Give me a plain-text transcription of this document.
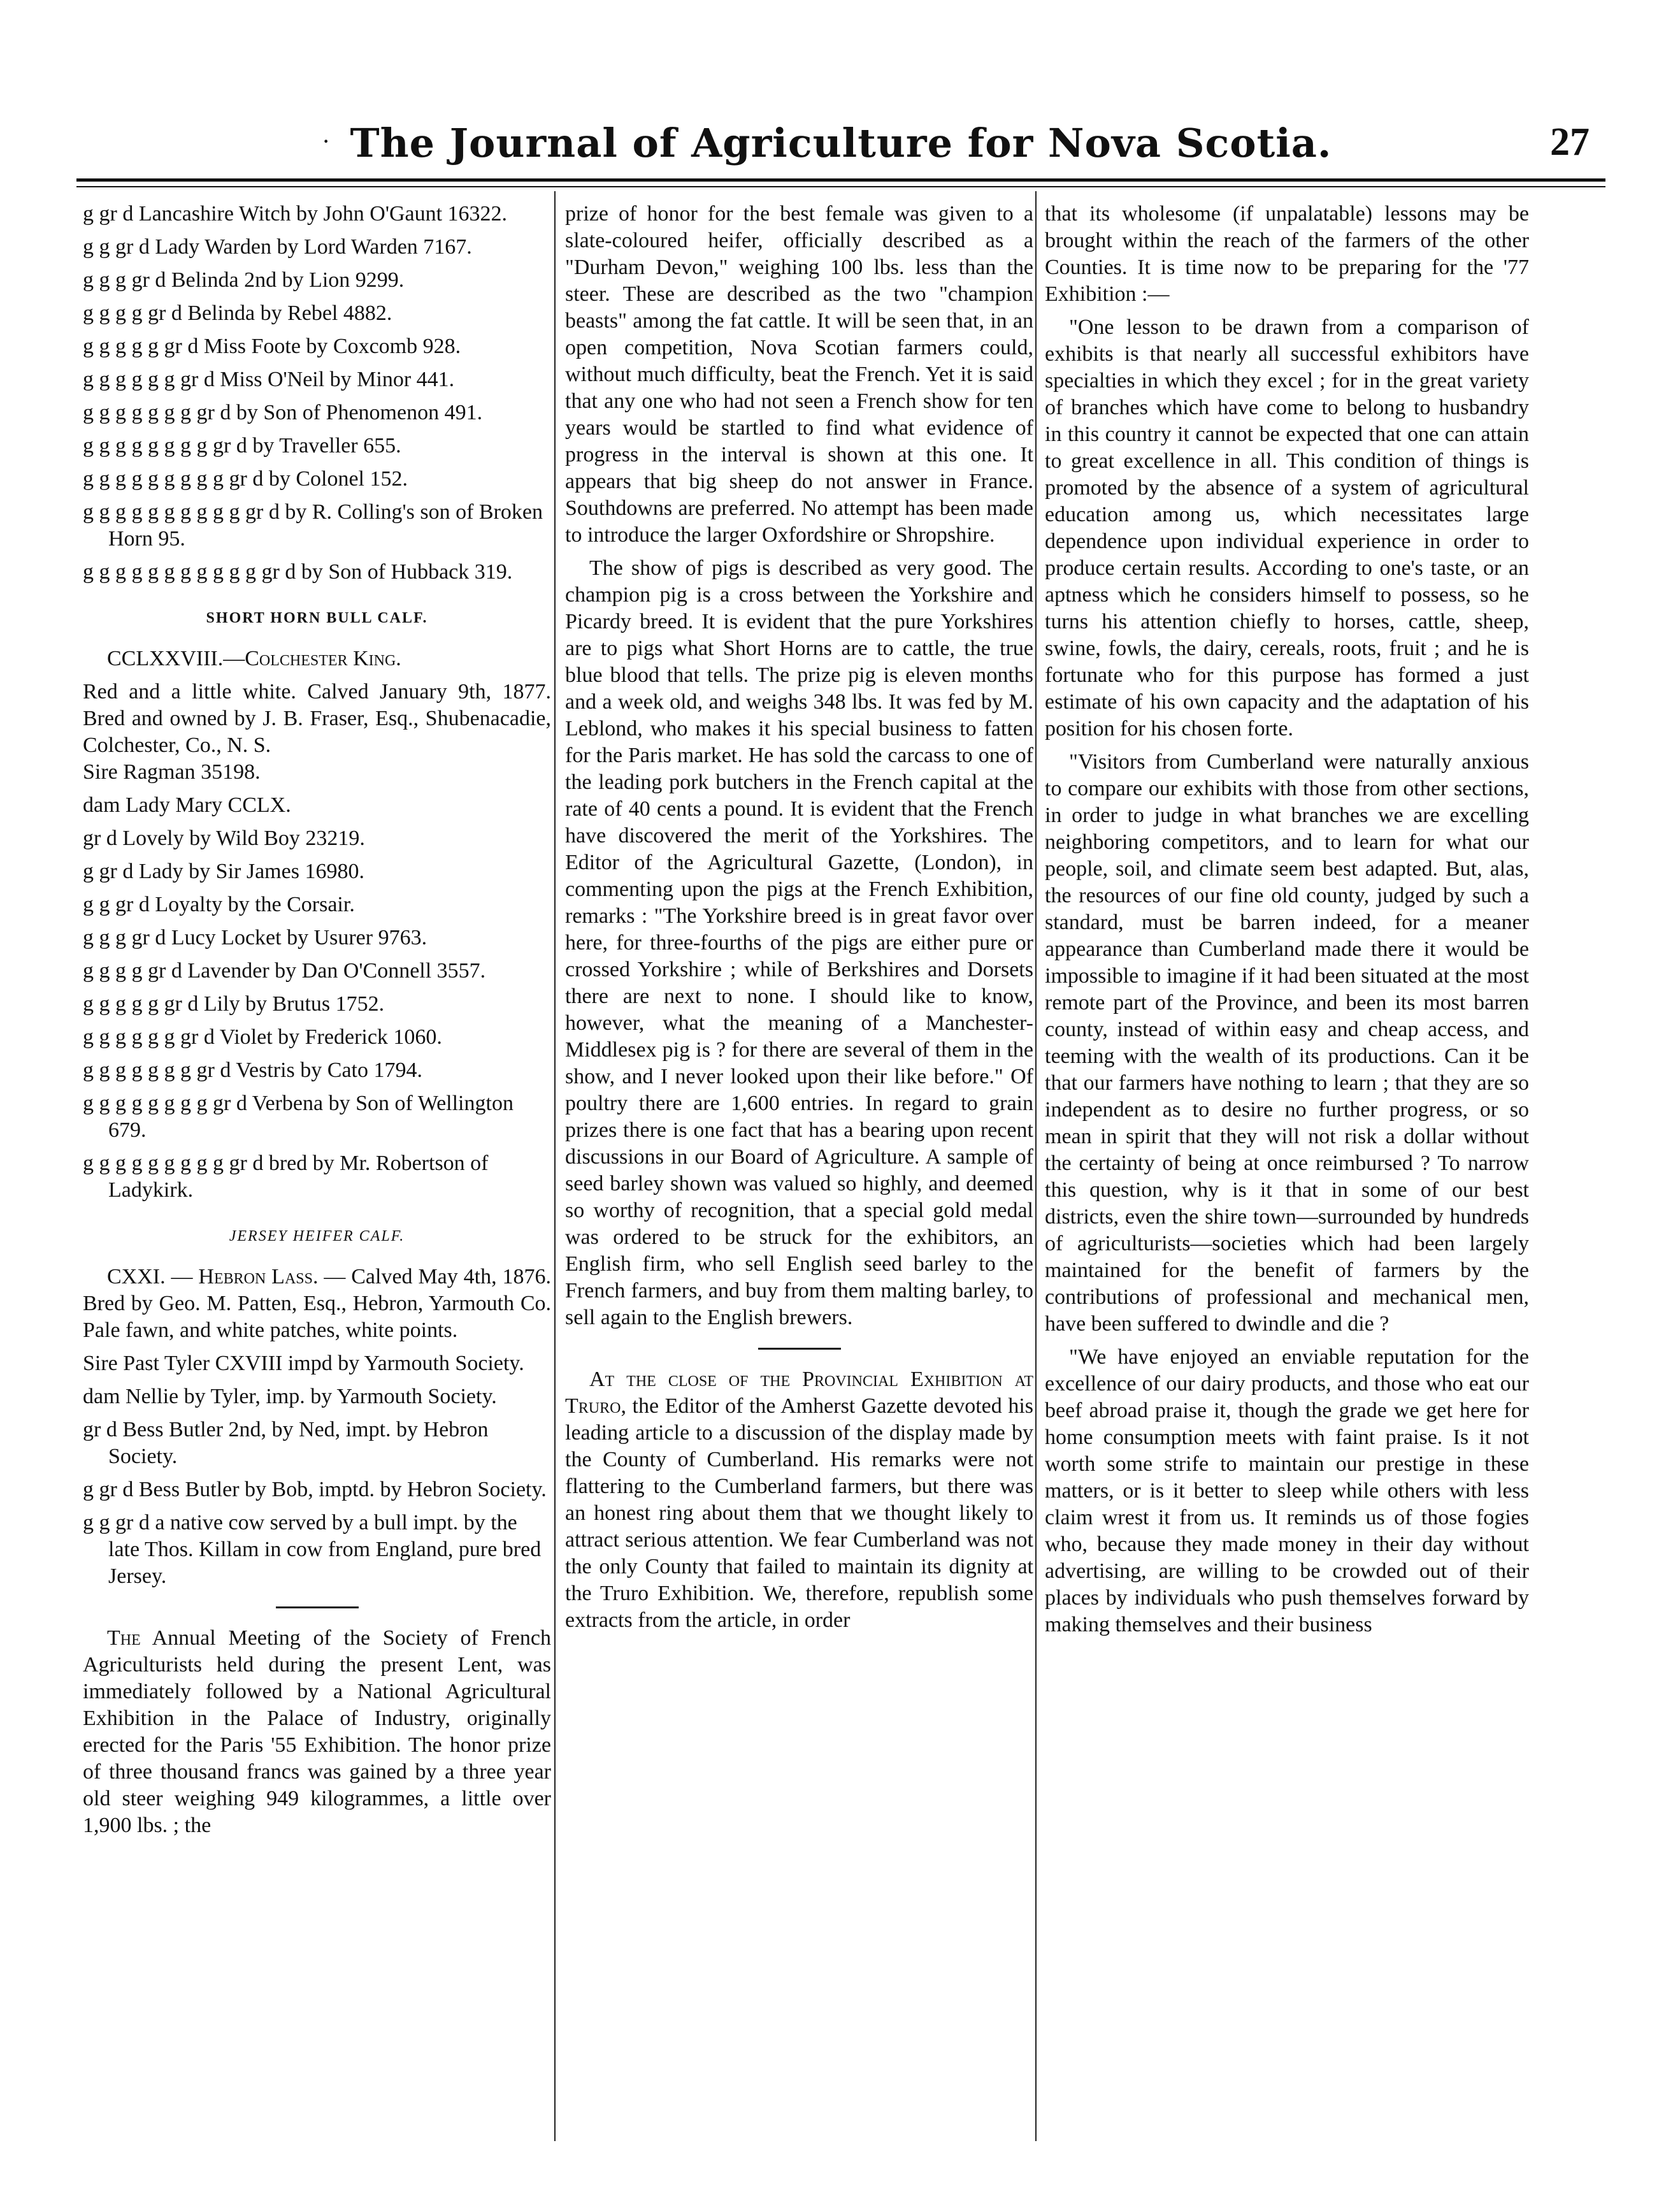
· The Journal of Agriculture for Nova Scotia.	27

g gr d Lancashire Witch by John O'Gaunt 16322.

g g gr d Lady Warden by Lord Warden 7167.

g g g gr d Belinda 2nd by Lion 9299.

g g g g gr d Belinda by Rebel 4882.

g g g g g gr d Miss Foote by Coxcomb 928.

g g g g g g gr d Miss O'Neil by Minor 441.

g g g g g g g gr d by Son of Phenomenon 491.

g g g g g g g g gr d by Traveller 655.

g g g g g g g g g gr d by Colonel 152.

g g g g g g g g g g gr d by R. Colling's son of Broken Horn 95.

g g g g g g g g g g g gr d by Son of Hubback 319.

SHORT HORN BULL CALF.

CCLXXVIII.—Colchester King.

Red and a little white. Calved January 9th, 1877. Bred and owned by J. B. Fraser, Esq., Shubenacadie, Colchester, Co., N. S.

Sire Ragman 35198.

dam Lady Mary CCLX.

gr d Lovely by Wild Boy 23219.

g gr d Lady by Sir James 16980.

g g gr d Loyalty by the Corsair.

g g g gr d Lucy Locket by Usurer 9763.

g g g g gr d Lavender by Dan O'Connell 3557.

g g g g g gr d Lily by Brutus 1752.

g g g g g g gr d Violet by Frederick 1060.

g g g g g g g gr d Vestris by Cato 1794.

g g g g g g g g gr d Verbena by Son of Wellington 679.

g g g g g g g g g gr d bred by Mr. Robertson of Ladykirk.

JERSEY HEIFER CALF.

CXXI. — Hebron Lass. — Calved May 4th, 1876. Bred by Geo. M. Patten, Esq., Hebron, Yarmouth Co. Pale fawn, and white patches, white points.

Sire Past Tyler CXVIII impd by Yarmouth Society.

dam Nellie by Tyler, imp. by Yarmouth Society.

gr d Bess Butler 2nd, by Ned, impt. by Hebron Society.

g gr d Bess Butler by Bob, imptd. by Hebron Society.

g g gr d a native cow served by a bull impt. by the late Thos. Killam in cow from England, pure bred Jersey.

The Annual Meeting of the Society of French Agriculturists held during the present Lent, was immediately followed by a National Agricultural Exhibition in the Palace of Industry, originally erected for the Paris '55 Exhibition. The honor prize of three thousand francs was gained by a three year old steer weighing 949 kilogrammes, a little over 1,900 lbs. ; the

prize of honor for the best female was given to a slate-coloured heifer, officially described as a "Durham Devon," weighing 100 lbs. less than the steer. These are described as the two "champion beasts" among the fat cattle. It will be seen that, in an open competition, Nova Scotian farmers could, without much difficulty, beat the French. Yet it is said that any one who had not seen a French show for ten years would be startled to find what evidence of progress in the interval is shown at this one. It appears that big sheep do not answer in France. Southdowns are preferred. No attempt has been made to introduce the larger Oxfordshire or Shropshire.

The show of pigs is described as very good. The champion pig is a cross between the Yorkshire and Picardy breed. It is evident that the pure Yorkshires are to pigs what Short Horns are to cattle, the true blue blood that tells. The prize pig is eleven months and a week old, and weighs 348 lbs. It was fed by M. Leblond, who makes it his special business to fatten for the Paris market. He has sold the carcass to one of the leading pork butchers in the French capital at the rate of 40 cents a pound. It is evident that the French have discovered the merit of the Yorkshires. The Editor of the Agricultural Gazette, (London), in commenting upon the pigs at the French Exhibition, remarks : "The Yorkshire breed is in great favor over here, for three-fourths of the pigs are either pure or crossed Yorkshire ; while of Berkshires and Dorsets there are next to none. I should like to know, however, what the meaning of a Manchester-Middlesex pig is ? for there are several of them in the show, and I never looked upon their like before." Of poultry there are 1,600 entries. In regard to grain prizes there is one fact that has a bearing upon recent discussions in our Board of Agriculture. A sample of seed barley shown was valued so highly, and deemed so worthy of recognition, that a special gold medal was ordered to be struck for the exhibitors, an English firm, who sell English seed barley to the French farmers, and buy from them malting barley, to sell again to the English brewers.

At the close of the Provincial Exhibition at Truro, the Editor of the Amherst Gazette devoted his leading article to a discussion of the display made by the County of Cumberland. His remarks were not flattering to the Cumberland farmers, but there was an honest ring about them that we thought likely to attract serious attention. We fear Cumberland was not the only County that failed to maintain its dignity at the Truro Exhibition. We, therefore, republish some extracts from the article, in order

that its wholesome (if unpalatable) lessons may be brought within the reach of the farmers of the other Counties. It is time now to be preparing for the '77 Exhibition :—

"One lesson to be drawn from a comparison of exhibits is that nearly all successful exhibitors have specialties in which they excel ; for in the great variety of branches which have come to belong to husbandry in this country it cannot be expected that one can attain to great excellence in all. This condition of things is promoted by the absence of a system of agricultural education among us, which necessitates large dependence upon individual experience in order to produce certain results. According to one's taste, or an aptness which he considers himself to possess, so he turns his attention chiefly to horses, cattle, sheep, swine, fowls, the dairy, cereals, roots, fruit ; and he is fortunate who for this purpose has formed a just estimate of his own capacity and the adaptation of his position for his chosen forte.

"Visitors from Cumberland were naturally anxious to compare our exhibits with those from other sections, in order to judge in what branches we are excelling neighboring competitors, and to learn for what our people, soil, and climate seem best adapted. But, alas, the resources of our fine old county, judged by such a standard, must be barren indeed, for a meaner appearance than Cumberland made there it would be impossible to imagine if it had been situated at the most remote part of the Province, and been its most barren county, instead of within easy and cheap access, and teeming with the wealth of its productions. Can it be that our farmers have nothing to learn ; that they are so independent as to desire no further progress, or so mean in spirit that they will not risk a dollar without the certainty of being at once reimbursed ? To narrow this question, why is it that in some of our best districts, even the shire town—surrounded by hundreds of agriculturists—societies which had been largely maintained for the benefit of farmers by the contributions of professional and mechanical men, have been suffered to dwindle and die ?

"We have enjoyed an enviable reputation for the excellence of our dairy products, and those who eat our beef abroad praise it, though the grade we get here for home consumption meets with faint praise. Is it not worth some strife to maintain our prestige in these matters, or is it better to sleep while others with less claim wrest it from us. It reminds us of those fogies who, because they made money in their day without advertising, are willing to be crowded out of their places by individuals who push themselves forward by making themselves and their business
